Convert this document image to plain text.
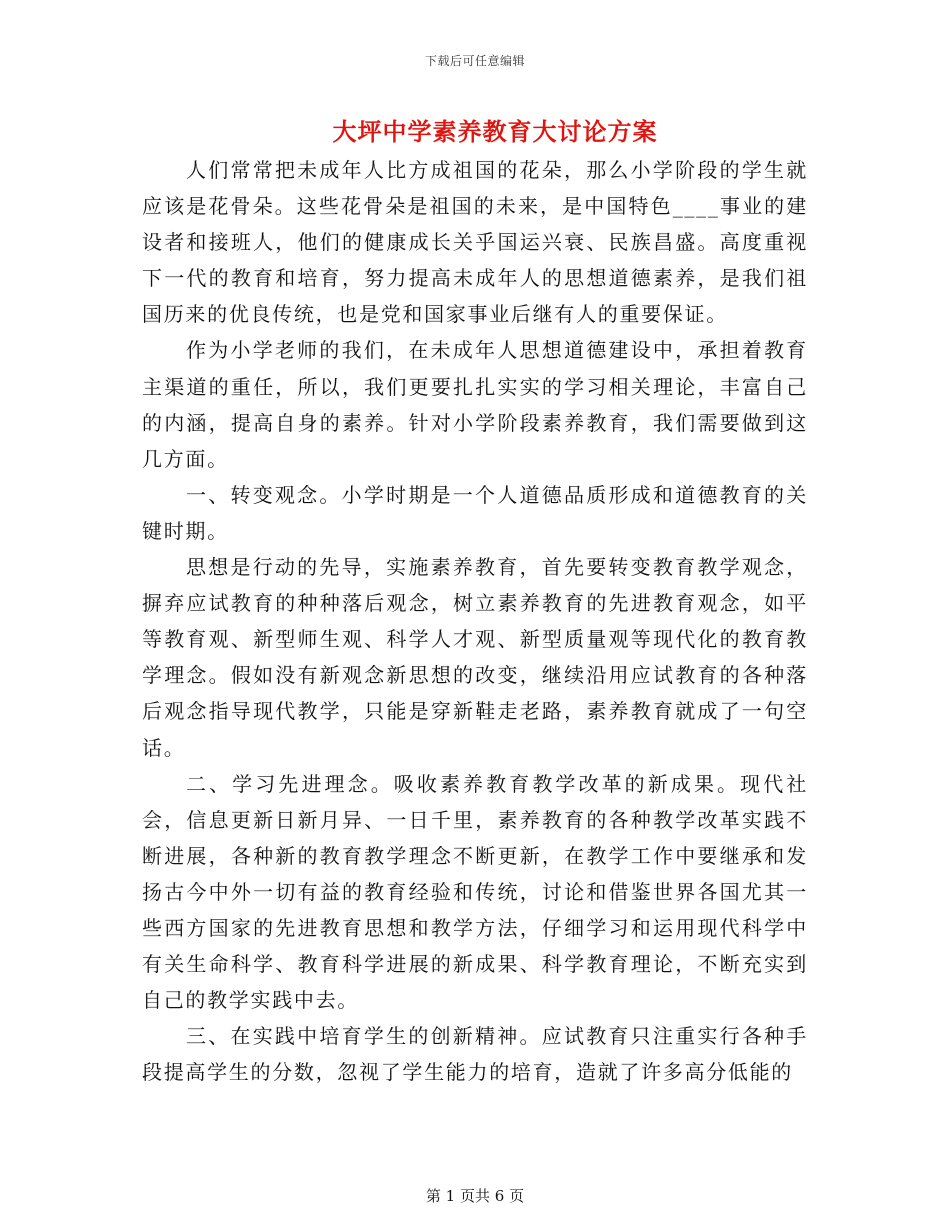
下载后可任意编辑
大坪中学素养教育大讨论方案

人们常常把未成年人比方成祖国的花朵，那么小学阶段的学生就应该是花骨朵。这些花骨朵是祖国的未来，是中国特色____事业的建设者和接班人，他们的健康成长关乎国运兴衰、民族昌盛。高度重视下一代的教育和培育，努力提高未成年人的思想道德素养，是我们祖国历来的优良传统，也是党和国家事业后继有人的重要保证。

作为小学老师的我们，在未成年人思想道德建设中，承担着教育主渠道的重任，所以，我们更要扎扎实实的学习相关理论，丰富自己的内涵，提高自身的素养。针对小学阶段素养教育，我们需要做到这几方面。

一、转变观念。小学时期是一个人道德品质形成和道德教育的关键时期。

思想是行动的先导，实施素养教育，首先要转变教育教学观念，摒弃应试教育的种种落后观念，树立素养教育的先进教育观念，如平等教育观、新型师生观、科学人才观、新型质量观等现代化的教育教学理念。假如没有新观念新思想的改变，继续沿用应试教育的各种落后观念指导现代教学，只能是穿新鞋走老路，素养教育就成了一句空话。

二、学习先进理念。吸收素养教育教学改革的新成果。现代社会，信息更新日新月异、一日千里，素养教育的各种教学改革实践不断进展，各种新的教育教学理念不断更新，在教学工作中要继承和发扬古今中外一切有益的教育经验和传统，讨论和借鉴世界各国尤其一些西方国家的先进教育思想和教学方法，仔细学习和运用现代科学中有关生命科学、教育科学进展的新成果、科学教育理论，不断充实到自己的教学实践中去。

三、在实践中培育学生的创新精神。应试教育只注重实行各种手段提高学生的分数，忽视了学生能力的培育，造就了许多高分低能的

第 1 页共 6 页
